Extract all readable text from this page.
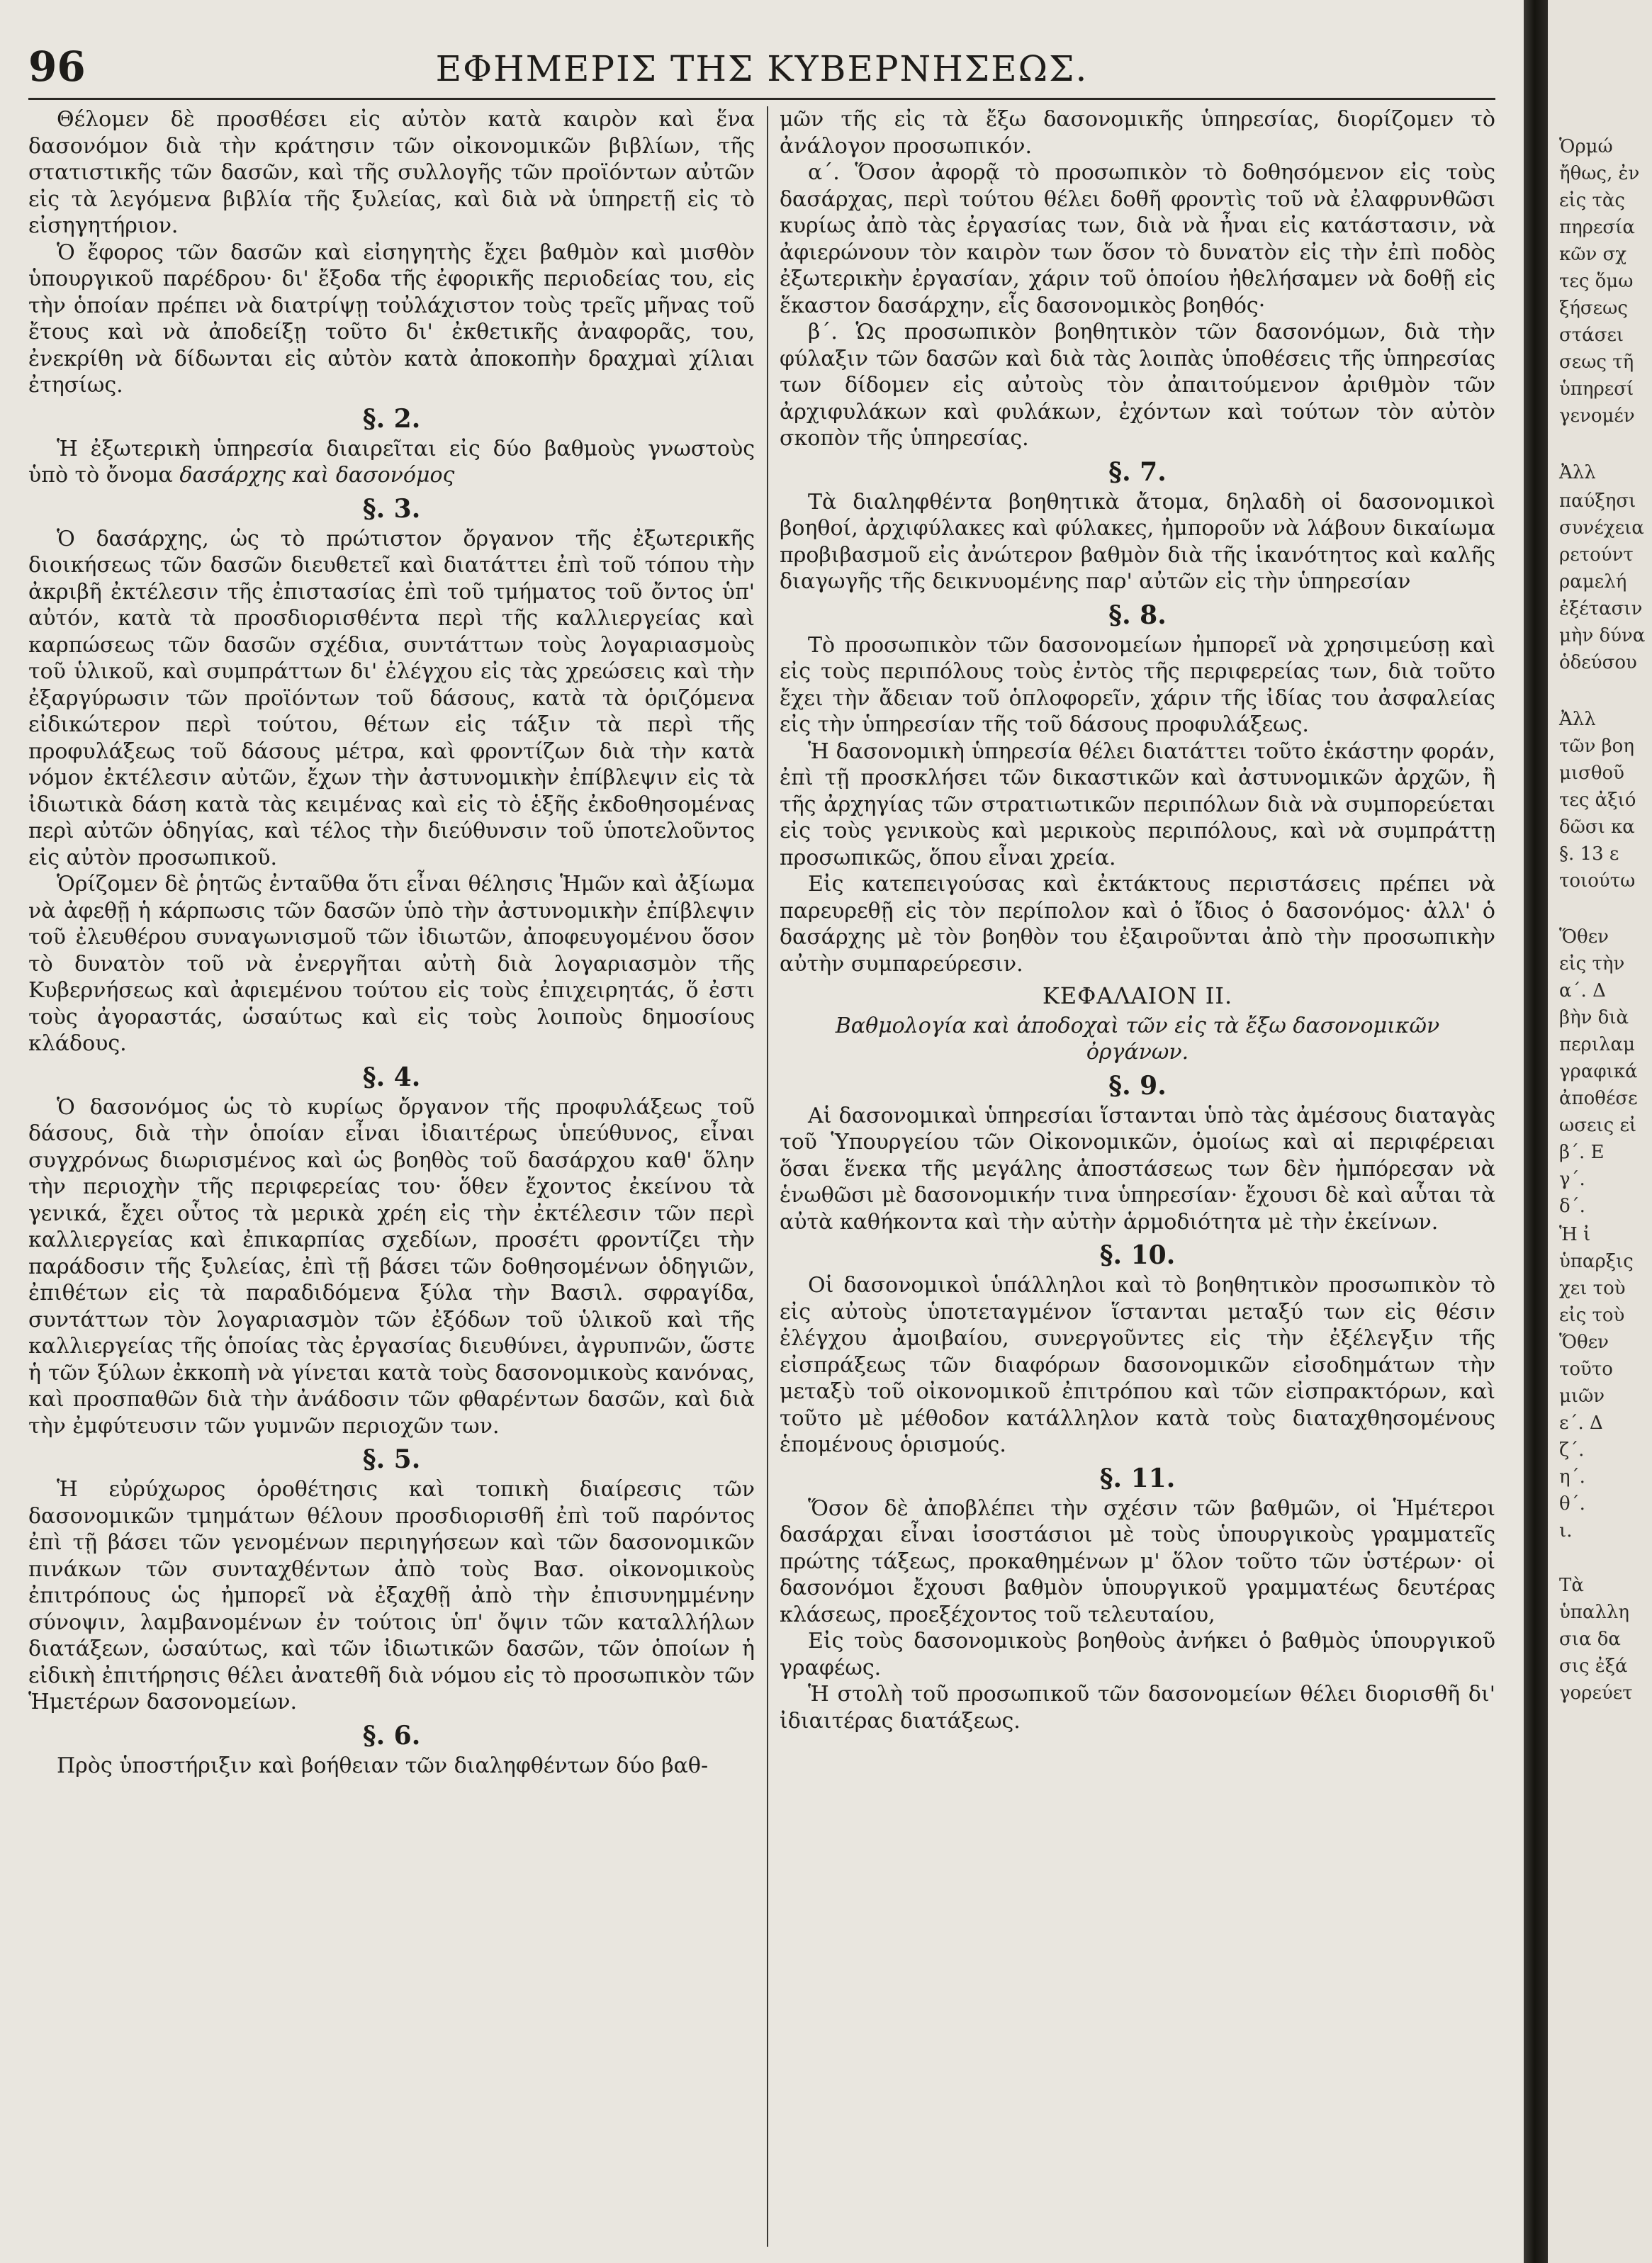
96	ΕΦΗΜΕΡΙΣ ΤΗΣ ΚΥΒΕΡΝΗΣΕΩΣ.

Θέλομεν δὲ προσθέσει εἰς αὐτὸν κατὰ καιρὸν καὶ ἕνα δασονόμον διὰ τὴν κράτησιν τῶν οἰκονομικῶν βιβλίων, τῆς στατιστικῆς τῶν δασῶν, καὶ τῆς συλλογῆς τῶν προϊόντων αὐτῶν εἰς τὰ λεγόμενα βιβλία τῆς ξυλείας, καὶ διὰ νὰ ὑπηρετῇ εἰς τὸ εἰσηγητήριον.

Ὁ ἔφορος τῶν δασῶν καὶ εἰσηγητὴς ἔχει βαθμὸν καὶ μισθὸν ὑπουργικοῦ παρέδρου· δι' ἔξοδα τῆς ἐφορικῆς περιοδείας του, εἰς τὴν ὁποίαν πρέπει νὰ διατρίψῃ τοὐλάχιστον τοὺς τρεῖς μῆνας τοῦ ἔτους καὶ νὰ ἀποδείξῃ τοῦτο δι' ἐκθετικῆς ἀναφορᾶς, του, ἐνεκρίθη νὰ δίδωνται εἰς αὐτὸν κατὰ ἀποκοπὴν δραχμαὶ χίλιαι ἐτησίως.

§. 2.

Ἡ ἐξωτερικὴ ὑπηρεσία διαιρεῖται εἰς δύο βαθμοὺς γνωστοὺς ὑπὸ τὸ ὄνομα δασάρχης καὶ δασονόμος

§. 3.

Ὁ δασάρχης, ὡς τὸ πρώτιστον ὄργανον τῆς ἐξωτερικῆς διοικήσεως τῶν δασῶν διευθετεῖ καὶ διατάττει ἐπὶ τοῦ τόπου τὴν ἀκριβῆ ἐκτέλεσιν τῆς ἐπιστασίας ἐπὶ τοῦ τμήματος τοῦ ὄντος ὑπ' αὐτόν, κατὰ τὰ προσδιορισθέντα περὶ τῆς καλλιεργείας καὶ καρπώσεως τῶν δασῶν σχέδια, συντάττων τοὺς λογαριασμοὺς τοῦ ὑλικοῦ, καὶ συμπράττων δι' ἐλέγχου εἰς τὰς χρεώσεις καὶ τὴν ἐξαργύρωσιν τῶν προϊόντων τοῦ δάσους, κατὰ τὰ ὁριζόμενα εἰδικώτερον περὶ τούτου, θέτων εἰς τάξιν τὰ περὶ τῆς προφυλάξεως τοῦ δάσους μέτρα, καὶ φροντίζων διὰ τὴν κατὰ νόμον ἐκτέλεσιν αὐτῶν, ἔχων τὴν ἀστυνομικὴν ἐπίβλεψιν εἰς τὰ ἰδιωτικὰ δάση κατὰ τὰς κειμένας καὶ εἰς τὸ ἑξῆς ἐκδοθησομένας περὶ αὐτῶν ὁδηγίας, καὶ τέλος τὴν διεύθυνσιν τοῦ ὑποτελοῦντος εἰς αὐτὸν προσωπικοῦ.

Ὁρίζομεν δὲ ῥητῶς ἐνταῦθα ὅτι εἶναι θέλησις Ἡμῶν καὶ ἀξίωμα νὰ ἀφεθῇ ἡ κάρπωσις τῶν δασῶν ὑπὸ τὴν ἀστυνομικὴν ἐπίβλεψιν τοῦ ἐλευθέρου συναγωνισμοῦ τῶν ἰδιωτῶν, ἀποφευγομένου ὅσον τὸ δυνατὸν τοῦ νὰ ἐνεργῆται αὐτὴ διὰ λογαριασμὸν τῆς Κυβερνήσεως καὶ ἀφιεμένου τούτου εἰς τοὺς ἐπιχειρητάς, ὅ ἐστι τοὺς ἀγοραστάς, ὡσαύτως καὶ εἰς τοὺς λοιποὺς δημοσίους κλάδους.

§. 4.

Ὁ δασονόμος ὡς τὸ κυρίως ὄργανον τῆς προφυλάξεως τοῦ δάσους, διὰ τὴν ὁποίαν εἶναι ἰδιαιτέρως ὑπεύθυνος, εἶναι συγχρόνως διωρισμένος καὶ ὡς βοηθὸς τοῦ δασάρχου καθ' ὅλην τὴν περιοχὴν τῆς περιφερείας του· ὅθεν ἔχοντος ἐκείνου τὰ γενικά, ἔχει οὗτος τὰ μερικὰ χρέη εἰς τὴν ἐκτέλεσιν τῶν περὶ καλλιεργείας καὶ ἐπικαρπίας σχεδίων, προσέτι φροντίζει τὴν παράδοσιν τῆς ξυλείας, ἐπὶ τῇ βάσει τῶν δοθησομένων ὁδηγιῶν, ἐπιθέτων εἰς τὰ παραδιδόμενα ξύλα τὴν Βασιλ. σφραγίδα, συντάττων τὸν λογαριασμὸν τῶν ἐξόδων τοῦ ὑλικοῦ καὶ τῆς καλλιεργείας τῆς ὁποίας τὰς ἐργασίας διευθύνει, ἀγρυπνῶν, ὥστε ἡ τῶν ξύλων ἐκκοπὴ νὰ γίνεται κατὰ τοὺς δασονομικοὺς κανόνας, καὶ προσπαθῶν διὰ τὴν ἀνάδοσιν τῶν φθαρέντων δασῶν, καὶ διὰ τὴν ἐμφύτευσιν τῶν γυμνῶν περιοχῶν των.

§. 5.

Ἡ εὐρύχωρος ὁροθέτησις καὶ τοπικὴ διαίρεσις τῶν δασονομικῶν τμημάτων θέλουν προσδιορισθῆ ἐπὶ τοῦ παρόντος ἐπὶ τῇ βάσει τῶν γενομένων περιηγήσεων καὶ τῶν δασονομικῶν πινάκων τῶν συνταχθέντων ἀπὸ τοὺς Βασ. οἰκονομικοὺς ἐπιτρόπους ὡς ἠμπορεῖ νὰ ἐξαχθῇ ἀπὸ τὴν ἐπισυνημμένην σύνοψιν, λαμβανομένων ἐν τούτοις ὑπ' ὄψιν τῶν καταλλήλων διατάξεων, ὡσαύτως, καὶ τῶν ἰδιωτικῶν δασῶν, τῶν ὁποίων ἡ εἰδικὴ ἐπιτήρησις θέλει ἀνατεθῆ διὰ νόμου εἰς τὸ προσωπικὸν τῶν Ἡμετέρων δασονομείων.

§. 6.

Πρὸς ὑποστήριξιν καὶ βοήθειαν τῶν διαληφθέντων δύο βαθ-

μῶν τῆς εἰς τὰ ἔξω δασονομικῆς ὑπηρεσίας, διορίζομεν τὸ ἀνάλογον προσωπικόν.

α΄. Ὅσον ἀφορᾷ τὸ προσωπικὸν τὸ δοθησόμενον εἰς τοὺς δασάρχας, περὶ τούτου θέλει δοθῆ φροντὶς τοῦ νὰ ἐλαφρυνθῶσι κυρίως ἀπὸ τὰς ἐργασίας των, διὰ νὰ ἦναι εἰς κατάστασιν, νὰ ἀφιερώνουν τὸν καιρὸν των ὅσον τὸ δυνατὸν εἰς τὴν ἐπὶ ποδὸς ἐξωτερικὴν ἐργασίαν, χάριν τοῦ ὁποίου ἠθελήσαμεν νὰ δοθῇ εἰς ἕκαστον δασάρχην, εἷς δασονομικὸς βοηθός·

β΄. Ὡς προσωπικὸν βοηθητικὸν τῶν δασονόμων, διὰ τὴν φύλαξιν τῶν δασῶν καὶ διὰ τὰς λοιπὰς ὑποθέσεις τῆς ὑπηρεσίας των δίδομεν εἰς αὐτοὺς τὸν ἀπαιτούμενον ἀριθμὸν τῶν ἀρχιφυλάκων καὶ φυλάκων, ἐχόντων καὶ τούτων τὸν αὐτὸν σκοπὸν τῆς ὑπηρεσίας.

§. 7.

Τὰ διαληφθέντα βοηθητικὰ ἄτομα, δηλαδὴ οἱ δασονομικοὶ βοηθοί, ἀρχιφύλακες καὶ φύλακες, ἠμποροῦν νὰ λάβουν δικαίωμα προβιβασμοῦ εἰς ἀνώτερον βαθμὸν διὰ τῆς ἱκανότητος καὶ καλῆς διαγωγῆς τῆς δεικνυομένης παρ' αὐτῶν εἰς τὴν ὑπηρεσίαν

§. 8.

Τὸ προσωπικὸν τῶν δασονομείων ἠμπορεῖ νὰ χρησιμεύσῃ καὶ εἰς τοὺς περιπόλους τοὺς ἐντὸς τῆς περιφερείας των, διὰ τοῦτο ἔχει τὴν ἄδειαν τοῦ ὁπλοφορεῖν, χάριν τῆς ἰδίας του ἀσφαλείας εἰς τὴν ὑπηρεσίαν τῆς τοῦ δάσους προφυλάξεως.

Ἡ δασονομικὴ ὑπηρεσία θέλει διατάττει τοῦτο ἑκάστην φοράν, ἐπὶ τῇ προσκλήσει τῶν δικαστικῶν καὶ ἀστυνομικῶν ἀρχῶν, ἢ τῆς ἀρχηγίας τῶν στρατιωτικῶν περιπόλων διὰ νὰ συμπορεύεται εἰς τοὺς γενικοὺς καὶ μερικοὺς περιπόλους, καὶ νὰ συμπράττῃ προσωπικῶς, ὅπου εἶναι χρεία.

Εἰς κατεπειγούσας καὶ ἐκτάκτους περιστάσεις πρέπει νὰ παρευρεθῇ εἰς τὸν περίπολον καὶ ὁ ἴδιος ὁ δασονόμος· ἀλλ' ὁ δασάρχης μὲ τὸν βοηθὸν του ἐξαιροῦνται ἀπὸ τὴν προσωπικὴν αὐτὴν συμπαρεύρεσιν.

ΚΕΦΑΛΑΙΟΝ ΙΙ.
Βαθμολογία καὶ ἀποδοχαὶ τῶν εἰς τὰ ἔξω δασονομικῶν ὀργάνων.
§. 9.

Αἱ δασονομικαὶ ὑπηρεσίαι ἵστανται ὑπὸ τὰς ἀμέσους διαταγὰς τοῦ Ὑπουργείου τῶν Οἰκονομικῶν, ὁμοίως καὶ αἱ περιφέρειαι ὅσαι ἕνεκα τῆς μεγάλης ἀποστάσεως των δὲν ἠμπόρεσαν νὰ ἑνωθῶσι μὲ δασονομικήν τινα ὑπηρεσίαν· ἔχουσι δὲ καὶ αὗται τὰ αὐτὰ καθήκοντα καὶ τὴν αὐτὴν ἁρμοδιότητα μὲ τὴν ἐκείνων.

§. 10.

Οἱ δασονομικοὶ ὑπάλληλοι καὶ τὸ βοηθητικὸν προσωπικὸν τὸ εἰς αὐτοὺς ὑποτεταγμένον ἵστανται μεταξύ των εἰς θέσιν ἐλέγχου ἀμοιβαίου, συνεργοῦντες εἰς τὴν ἐξέλεγξιν τῆς εἰσπράξεως τῶν διαφόρων δασονομικῶν εἰσοδημάτων τὴν μεταξὺ τοῦ οἰκονομικοῦ ἐπιτρόπου καὶ τῶν εἰσπρακτόρων, καὶ τοῦτο μὲ μέθοδον κατάλληλον κατὰ τοὺς διαταχθησομένους ἑπομένους ὁρισμούς.

§. 11.

Ὅσον δὲ ἀποβλέπει τὴν σχέσιν τῶν βαθμῶν, οἱ Ἡμέτεροι δασάρχαι εἶναι ἰσοστάσιοι μὲ τοὺς ὑπουργικοὺς γραμματεῖς πρώτης τάξεως, προκαθημένων μ' ὅλον τοῦτο τῶν ὑστέρων· οἱ δασονόμοι ἔχουσι βαθμὸν ὑπουργικοῦ γραμματέως δευτέρας κλάσεως, προεξέχοντος τοῦ τελευταίου,

Εἰς τοὺς δασονομικοὺς βοηθοὺς ἀνήκει ὁ βαθμὸς ὑπουργικοῦ γραφέως.

Ἡ στολὴ τοῦ προσωπικοῦ τῶν δασονομείων θέλει διορισθῆ δι' ἰδιαιτέρας διατάξεως.

Ὁρμώ
ἤθως, ἐν
εἰς τὰς
πηρεσία
κῶν σχ
τες ὅμω
ξήσεως
στάσει
σεως τῆ
ὑπηρεσί
γενομέν
Ἀλλ
παύξησι
συνέχεια
ρετούντ
ραμελή
ἐξέτασιν
μὴν δύνα
ὁδεύσου
Ἀλλ
τῶν βοη
μισθοῦ
τες ἀξιό
δῶσι κα
§. 13 ε
τοιούτω
Ὅθεν
εἰς τὴν
α΄. Δ
βὴν διὰ
περιλαμ
γραφικά
ἀποθέσε
ωσεις εἰ
β΄. Ε
γ΄.
δ΄.
Ἡ ἰ
ὑπαρξις
χει τοὺ
εἰς τοὺ
Ὅθεν
τοῦτο
μιῶν
ε΄. Δ
ζ΄.
η΄.
θ΄.
ι.
Τὰ
ὑπαλλη
σια δα
σις ἐξά
γορεύετ
